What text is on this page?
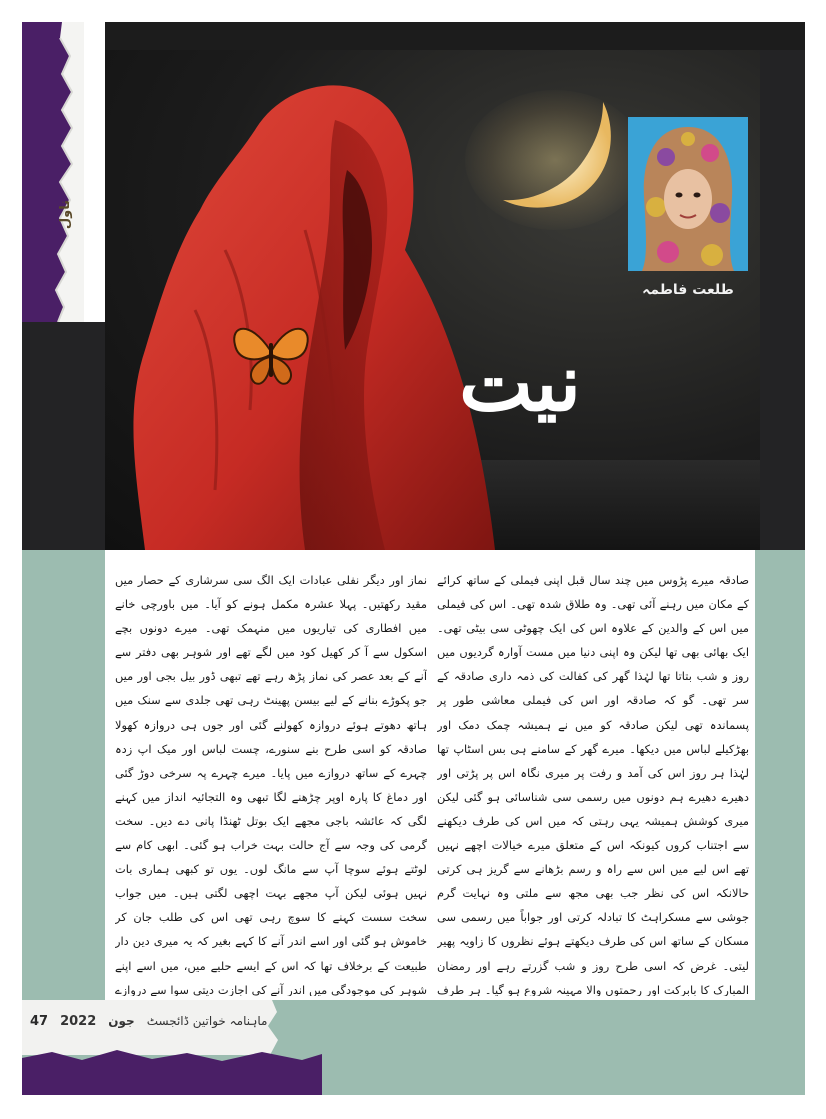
ناول
طلعت فاطمہ
نیت

صادقہ میرے پڑوس میں چند سال قبل اپنی فیملی کے ساتھ کرائے کے مکان میں رہنے آئی تھی۔ وہ طلاق شدہ تھی۔ اس کی فیملی میں اس کے والدین کے علاوہ اس کی ایک چھوٹی سی بیٹی تھی۔ ایک بھائی بھی تھا لیکن وہ اپنی دنیا میں مست آوارہ گردیوں میں روز و شب بتاتا تھا لہٰذا گھر کی کفالت کی ذمہ داری صادقہ کے سر تھی۔ گو کہ صادقہ اور اس کی فیملی معاشی طور پر پسماندہ تھی لیکن صادقہ کو میں نے ہمیشہ چمک دمک اور بھڑکیلے لباس میں دیکھا۔ میرے گھر کے سامنے ہی بس اسٹاپ تھا لہٰذا ہر روز اس کی آمد و رفت پر میری نگاہ اس پر پڑتی اور دھیرے دھیرے ہم دونوں میں رسمی سی شناسائی ہو گئی لیکن میری کوشش ہمیشہ یہی رہتی کہ میں اس کی طرف دیکھنے سے اجتناب کروں کیونکہ اس کے متعلق میرے خیالات اچھے نہیں تھے اس لیے میں اس سے راہ و رسم بڑھانے سے گریز ہی کرتی حالانکہ اس کی نظر جب بھی مجھ سے ملتی وہ نہایت گرم جوشی سے مسکراہٹ کا تبادلہ کرتی اور جواباً میں رسمی سی مسکان کے ساتھ اس کی طرف دیکھتے ہوئے نظروں کا زاویہ پھیر لیتی۔ غرض کہ اسی طرح روز و شب گزرتے رہے اور رمضان المبارک کا بابرکت اور رحمتوں والا مہینہ شروع ہو گیا۔ ہر طرف

نماز اور دیگر نفلی عبادات ایک الگ سی سرشاری کے حصار میں مقید رکھتیں۔ پہلا عشرہ مکمل ہونے کو آیا۔ میں باورچی خانے میں افطاری کی تیاریوں میں منہمک تھی۔ میرے دونوں بچے اسکول سے آ کر کھیل کود میں لگے تھے اور شوہر بھی دفتر سے آنے کے بعد عصر کی نماز پڑھ رہے تھے تبھی ڈور بیل بجی اور میں جو پکوڑے بنانے کے لیے بیسن پھینٹ رہی تھی جلدی سے سنک میں ہاتھ دھوتے ہوئے دروازہ کھولنے گئی اور جوں ہی دروازہ کھولا صادقہ کو اسی طرح بنے سنورے، چست لباس اور میک اپ زدہ چہرے کے ساتھ دروازے میں پایا۔ میرے چہرے پہ سرخی دوڑ گئی اور دماغ کا پارہ اوپر چڑھنے لگا تبھی وہ التجائیہ انداز میں کہنے لگی کہ عائشہ باجی مجھے ایک بوتل ٹھنڈا پانی دے دیں۔ سخت گرمی کی وجہ سے آج حالت بہت خراب ہو گئی۔ ابھی کام سے لوٹتے ہوئے سوچا آپ سے مانگ لوں۔ یوں تو کبھی ہماری بات نہیں ہوئی لیکن آپ مجھے بہت اچھی لگتی ہیں۔ میں جواب سخت سست کہنے کا سوچ رہی تھی اس کی طلب جان کر خاموش ہو گئی اور اسے اندر آنے کا کہے بغیر کہ یہ میری دین دار طبیعت کے برخلاف تھا کہ اس کے ایسے حلیے میں، میں اسے اپنے شوہر کی موجودگی میں اندر آنے کی اجازت دیتی سوا سے دروازے

47 2022 جون ماہنامہ خواتین ڈائجسٹ
